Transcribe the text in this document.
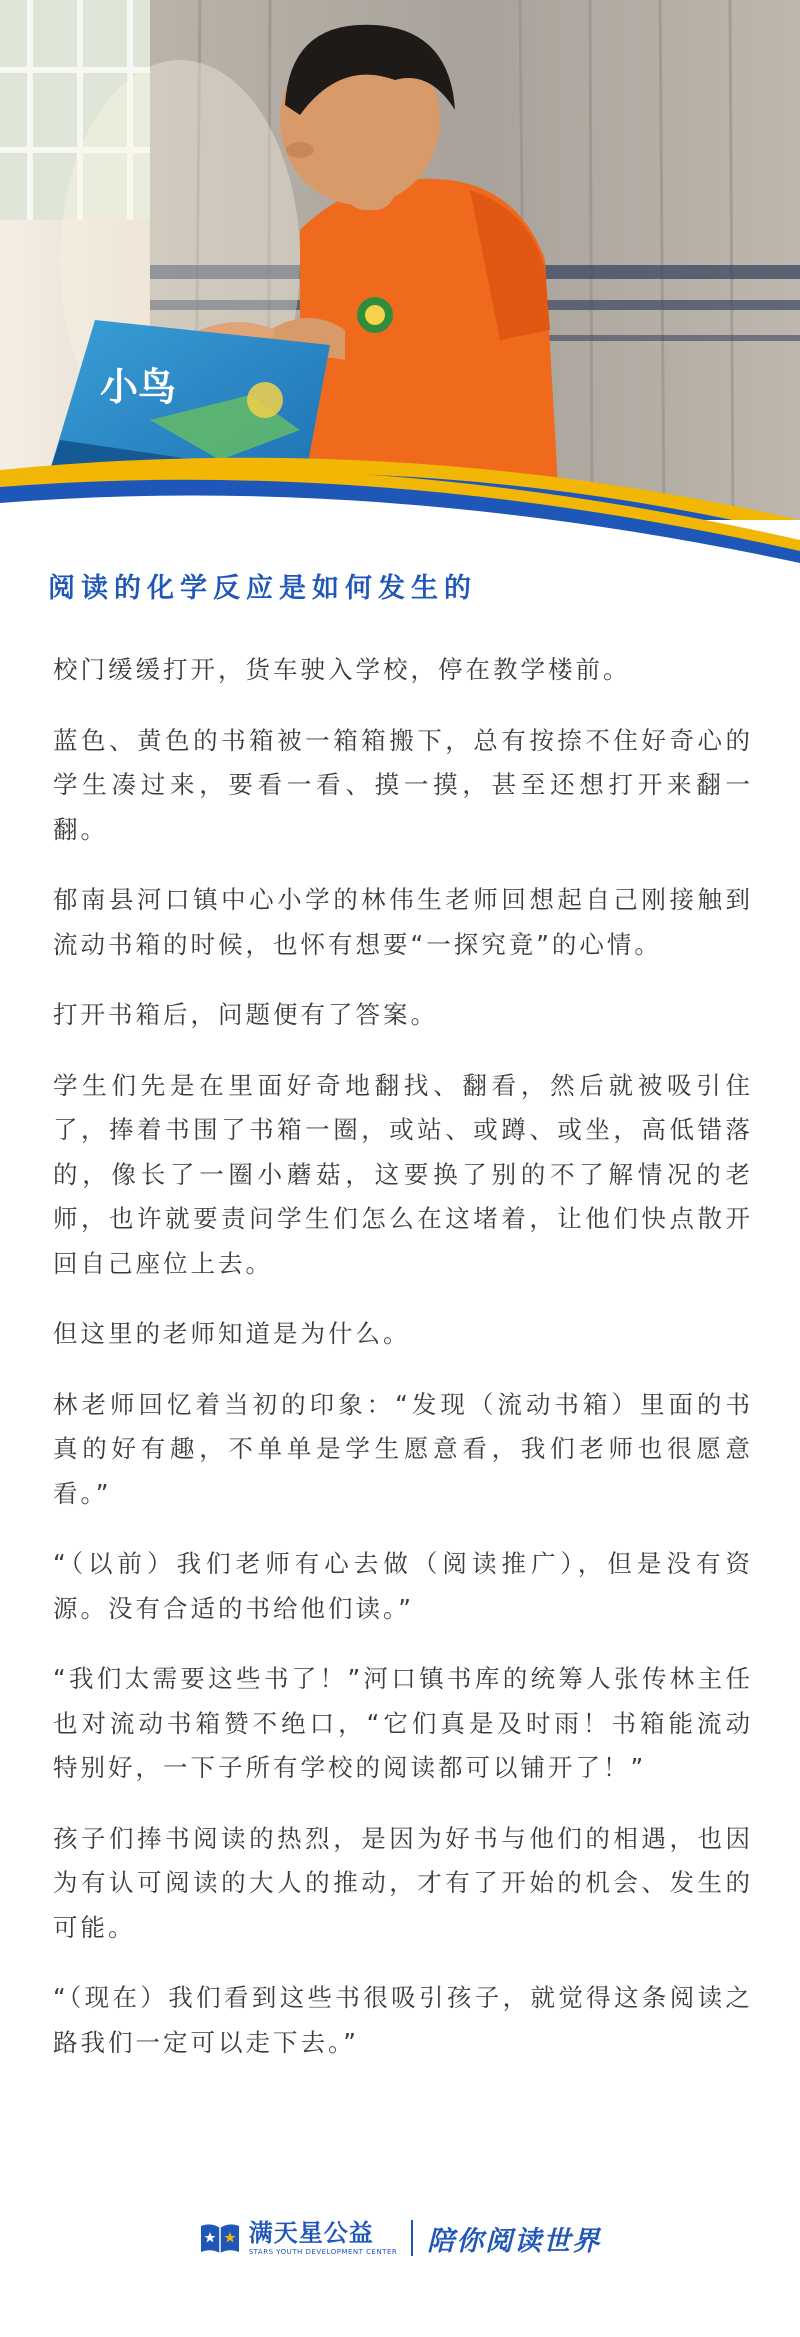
小鸟
阅读的化学反应是如何发生的

校门缓缓打开，货车驶入学校，停在教学楼前。

蓝色、黄色的书箱被一箱箱搬下，总有按捺不住好奇心的学生凑过来，要看一看、摸一摸，甚至还想打开来翻一翻。

郁南县河口镇中心小学的林伟生老师回想起自己刚接触到流动书箱的时候，也怀有想要“一探究竟”的心情。

打开书箱后，问题便有了答案。

学生们先是在里面好奇地翻找、翻看，然后就被吸引住了，捧着书围了书箱一圈，或站、或蹲、或坐，高低错落的，像长了一圈小蘑菇，这要换了别的不了解情况的老师，也许就要责问学生们怎么在这堵着，让他们快点散开回自己座位上去。

但这里的老师知道是为什么。

林老师回忆着当初的印象：“发现（流动书箱）里面的书真的好有趣，不单单是学生愿意看，我们老师也很愿意看。”

“（以前）我们老师有心去做（阅读推广），但是没有资源。没有合适的书给他们读。”

“我们太需要这些书了！”河口镇书库的统筹人张传林主任也对流动书箱赞不绝口，“它们真是及时雨！书箱能流动特别好，一下子所有学校的阅读都可以铺开了！”

孩子们捧书阅读的热烈，是因为好书与他们的相遇，也因为有认可阅读的大人的推动，才有了开始的机会、发生的可能。

“（现在）我们看到这些书很吸引孩子，就觉得这条阅读之路我们一定可以走下去。”

满天星公益
STARS YOUTH DEVELOPMENT CENTER 陪你阅读世界
